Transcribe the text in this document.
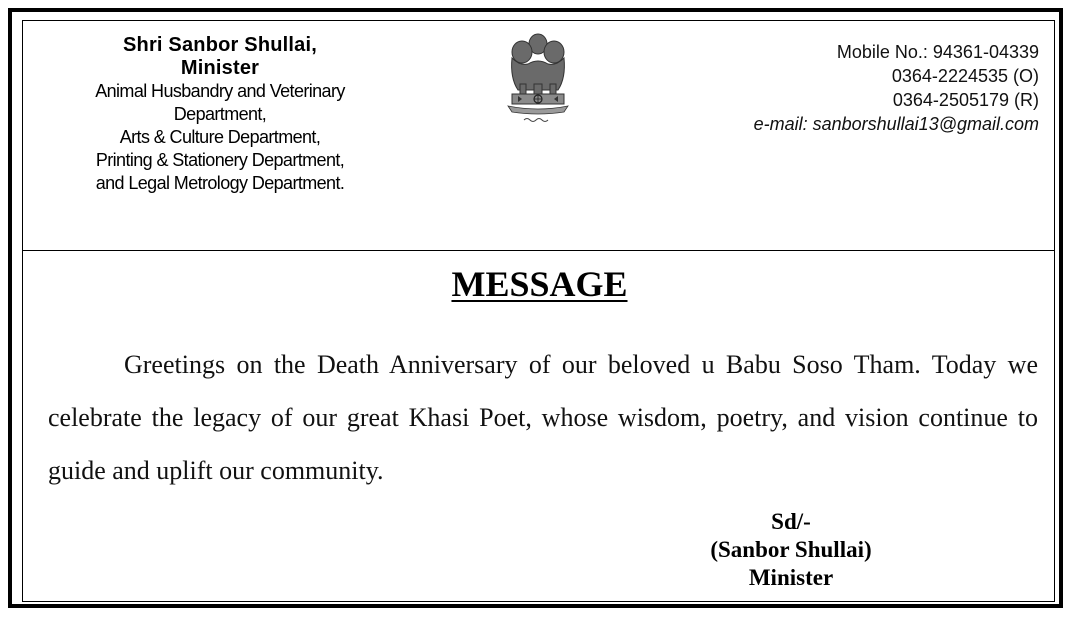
Shri Sanbor Shullai,
Minister
Animal Husbandry and Veterinary
Department,
Arts & Culture Department,
Printing & Stationery Department,
and Legal Metrology Department.
Mobile No.: 94361-04339
0364-2224535 (O)
0364-2505179 (R)
e-mail: sanborshullai13@gmail.com
MESSAGE
Greetings on the Death Anniversary of our beloved u Babu Soso Tham. Today we celebrate the legacy of our great Khasi Poet, whose wisdom, poetry, and vision continue to guide and uplift our community.
Sd/-
(Sanbor Shullai)
Minister
